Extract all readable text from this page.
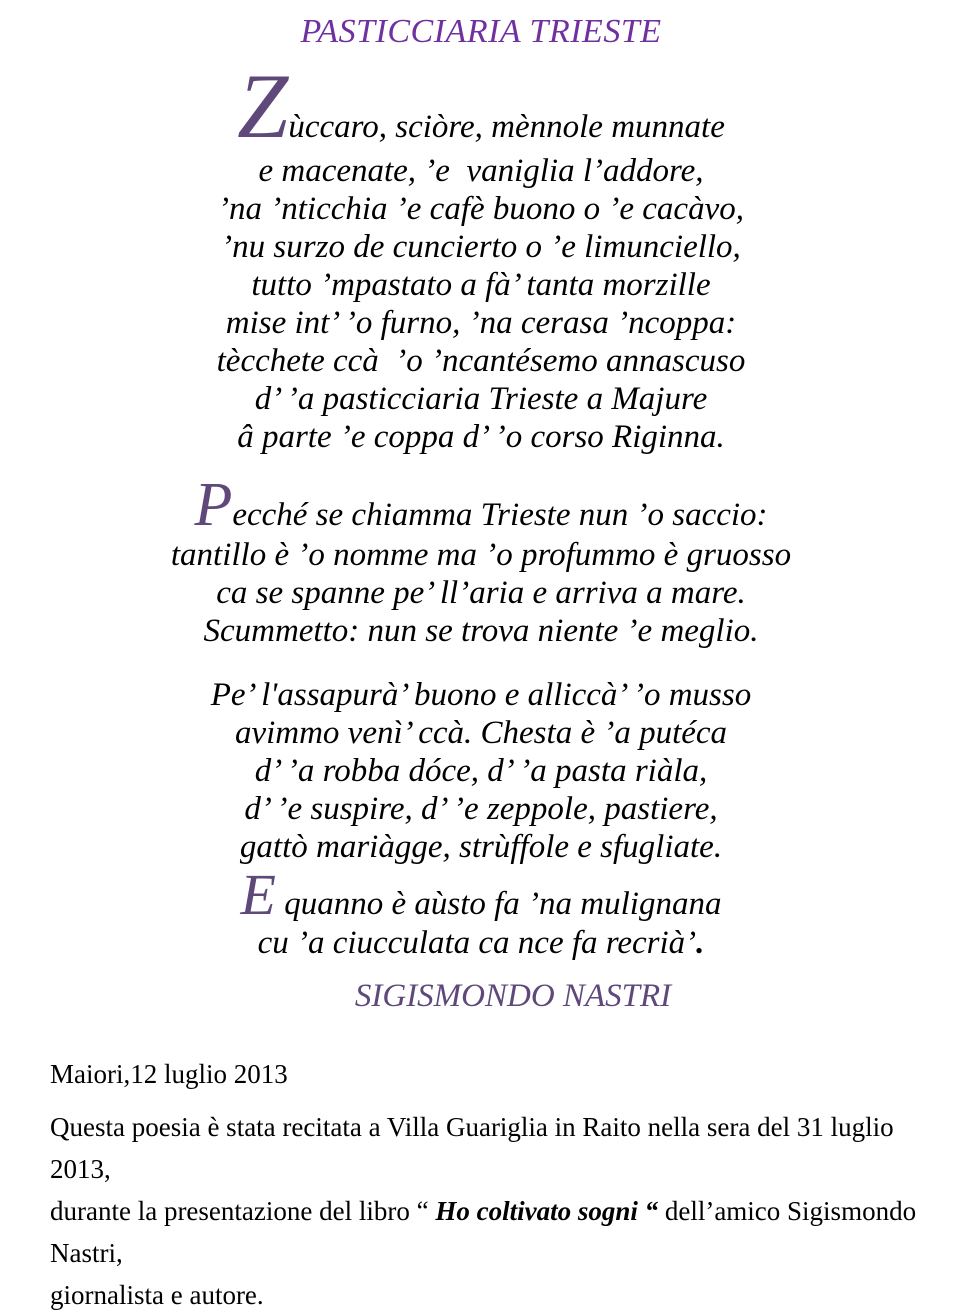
PASTICCIARIA TRIESTE

Zùccaro, sciòre, mènnole munnate

e macenate, ’e  vaniglia l’addore,

’na ’nticchia ’e cafè buono o ’e cacàvo,

’nu surzo de cuncierto o ’e limunciello,

tutto ’mpastato a fà’ tanta morzille

mise int’ ’o furno, ’na cerasa ’ncoppa:

tècchete ccà  ’o ’ncantésemo annascuso

d’ ’a pasticciaria Trieste a Majure

â parte ’e coppa d’ ’o corso Riginna.

Pecché se chiamma Trieste nun ’o saccio:

tantillo è ’o nomme ma ’o profummo è gruosso

ca se spanne pe’ ll’aria e arriva a mare.

Scummetto: nun se trova niente ’e meglio.

Pe’ l'assapurà’ buono e alliccà’ ’o musso

avimmo venì’ ccà. Chesta è ’a putéca

d’ ’a robba dóce, d’ ’a pasta riàla,

d’ ’e suspire, d’ ’e zeppole, pastiere,

gattò mariàgge, strùffole e sfugliate.

E quanno è aùsto fa ’na mulignana

cu ’a ciucculata ca nce fa recrià’.

SIGISMONDO NASTRI

Maiori,12 luglio 2013

Questa poesia è stata recitata a Villa Guariglia in Raito nella sera del 31 luglio 2013,
durante la presentazione del libro “ Ho coltivato sogni “ dell’amico Sigismondo Nastri,
giornalista e autore.
